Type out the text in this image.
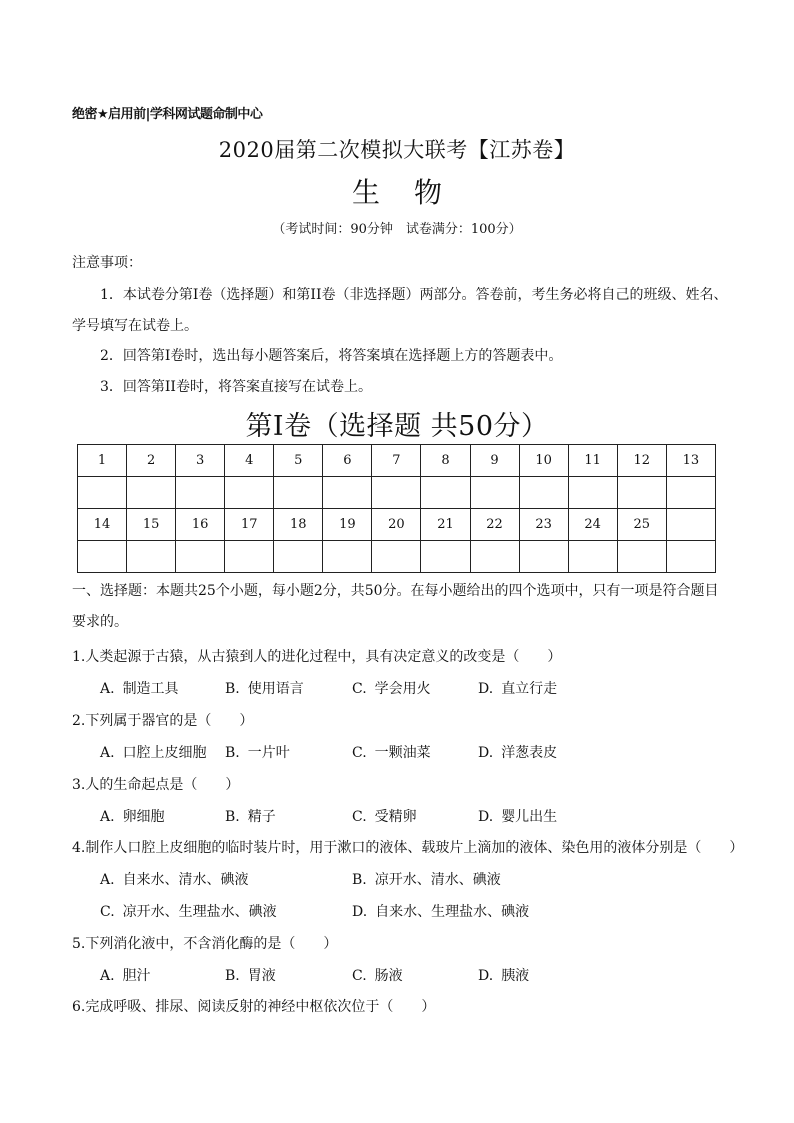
绝密★启用前|学科网试题命制中心
2020届第二次模拟大联考【江苏卷】
生物
（考试时间：90分钟　试卷满分：100分）
注意事项：
1．本试卷分第I卷（选择题）和第II卷（非选择题）两部分。答卷前，考生务必将自己的班级、姓名、学号填写在试卷上。
2．回答第I卷时，选出每小题答案后，将答案填在选择题上方的答题表中。
3．回答第II卷时，将答案直接写在试卷上。
第I卷（选择题 共50分）
1	2	3	4	5	6	7	8	9	10	11	12	13

14	15	16	17	18	19	20	21	22	23	24	25	

一、选择题：本题共25个小题，每小题2分，共50分。在每小题给出的四个选项中，只有一项是符合题目要求的。
1.人类起源于古猿，从古猿到人的进化过程中，具有决定意义的改变是（　　）
A. 制造工具	B. 使用语言	C. 学会用火	D. 直立行走
2.下列属于器官的是（　　）
A. 口腔上皮细胞 B. 一片叶	C. 一颗油菜	D. 洋葱表皮
3.人的生命起点是（　　）
A. 卵细胞	B. 精子	C. 受精卵	D. 婴儿出生
4.制作人口腔上皮细胞的临时装片时，用于漱口的液体、载玻片上滴加的液体、染色用的液体分别是（　　）
A. 自来水、清水、碘液	B. 凉开水、清水、碘液
C. 凉开水、生理盐水、碘液	D. 自来水、生理盐水、碘液
5.下列消化液中，不含消化酶的是（　　）
A. 胆汁	B. 胃液	C. 肠液	D. 胰液
6.完成呼吸、排尿、阅读反射的神经中枢依次位于（　　）
